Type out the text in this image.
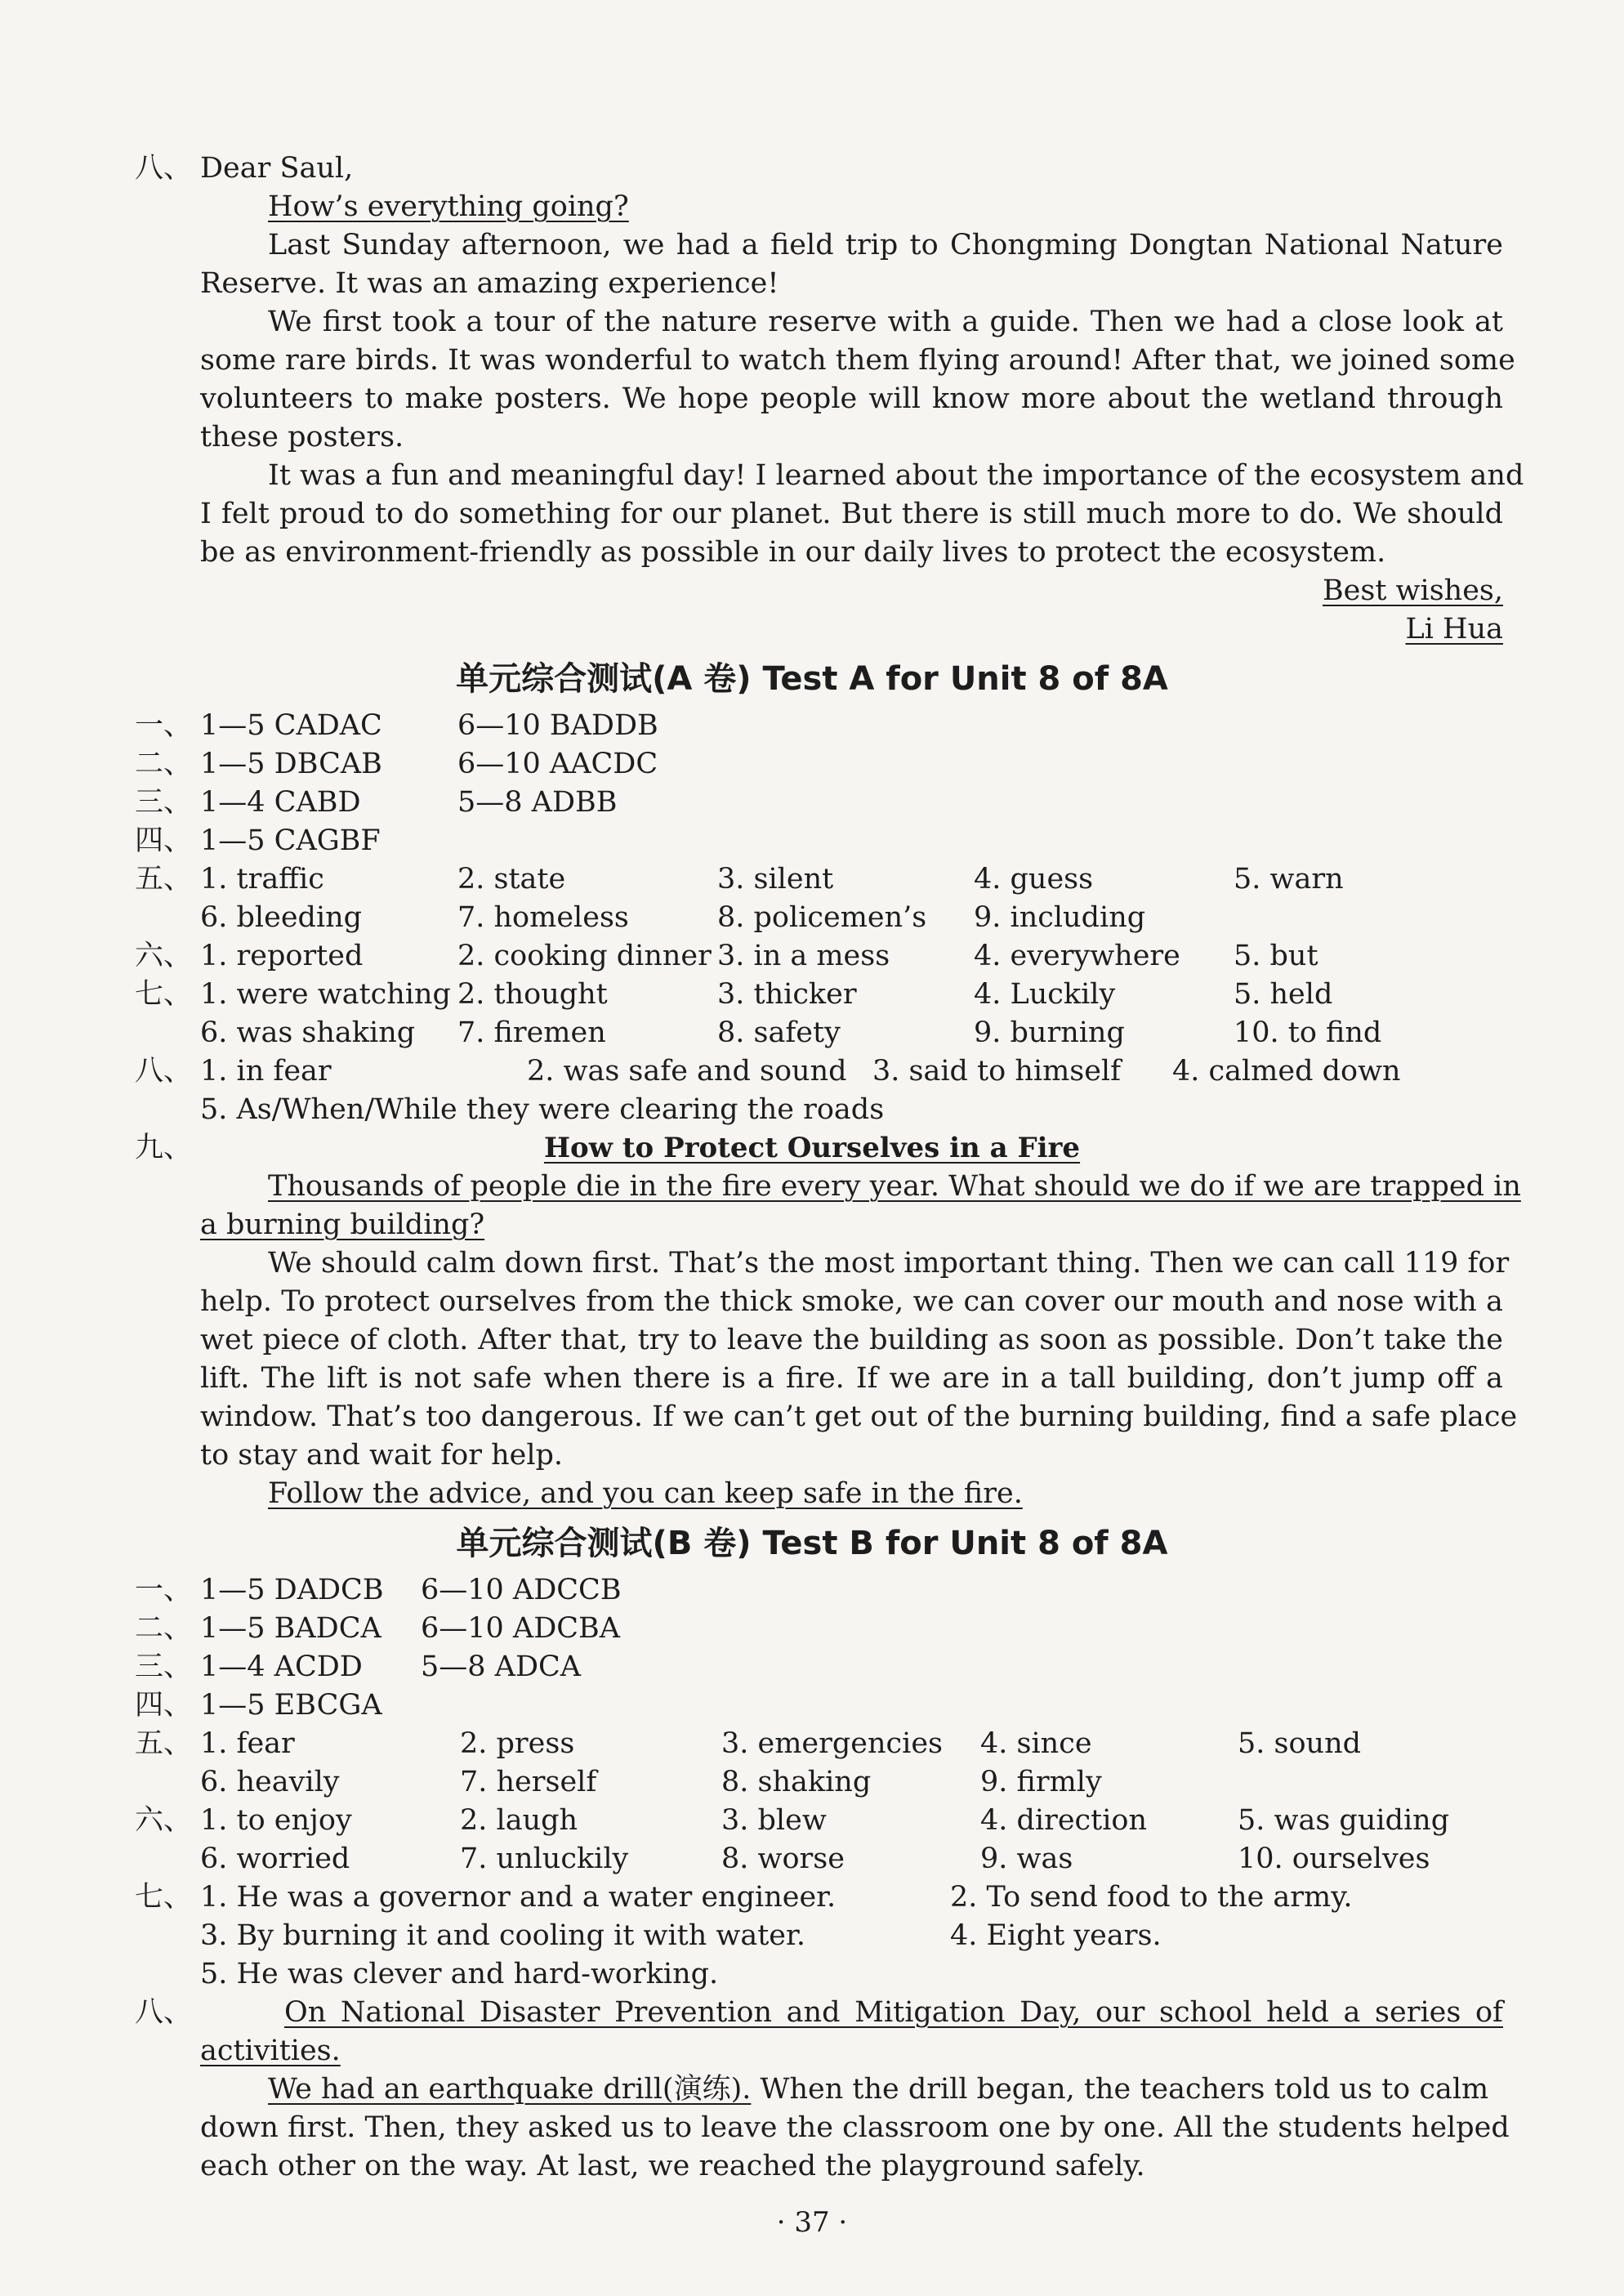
八、 Dear Saul,
How’s everything going?
Last Sunday afternoon, we had a field trip to Chongming Dongtan National Nature
Reserve. It was an amazing experience!
We first took a tour of the nature reserve with a guide. Then we had a close look at
some rare birds. It was wonderful to watch them flying around! After that, we joined some
volunteers to make posters. We hope people will know more about the wetland through
these posters.
It was a fun and meaningful day! I learned about the importance of the ecosystem and
I felt proud to do something for our planet. But there is still much more to do. We should
be as environment-friendly as possible in our daily lives to protect the ecosystem.
Best wishes,
Li Hua
单元综合测试(A 卷) Test A for Unit 8 of 8A
一、 1—5 CADAC	6—10 BADDB
二、 1—5 DBCAB	6—10 AACDC
三、 1—4 CABD	5—8 ADBB
四、 1—5 CAGBF
五、 1. traffic	2. state	3. silent	4. guess	5. warn
6. bleeding	7. homeless	8. policemen’s 9. including
六、 1. reported	2. cooking dinner 3. in a mess	4. everywhere 5. but
七、 1. were watching 2. thought	3. thicker	4. Luckily	5. held
6. was shaking 7. firemen	8. safety	9. burning	10. to find
八、 1. in fear	2. was safe and sound 3. said to himself 4. calmed down
5. As/When/While they were clearing the roads
九、	How to Protect Ourselves in a Fire
Thousands of people die in the fire every year. What should we do if we are trapped in
a burning building?
We should calm down first. That’s the most important thing. Then we can call 119 for
help. To protect ourselves from the thick smoke, we can cover our mouth and nose with a
wet piece of cloth. After that, try to leave the building as soon as possible. Don’t take the
lift. The lift is not safe when there is a fire. If we are in a tall building, don’t jump off a
window. That’s too dangerous. If we can’t get out of the burning building, find a safe place
to stay and wait for help.
Follow the advice, and you can keep safe in the fire.
单元综合测试(B 卷) Test B for Unit 8 of 8A
一、 1—5 DADCB 6—10 ADCCB
二、 1—5 BADCA 6—10 ADCBA
三、 1—4 ACDD 5—8 ADCA
四、 1—5 EBCGA
五、 1. fear	2. press	3. emergencies 4. since	5. sound
6. heavily	7. herself	8. shaking	9. firmly
六、 1. to enjoy	2. laugh	3. blew	4. direction	5. was guiding
6. worried	7. unluckily	8. worse	9. was	10. ourselves
七、 1. He was a governor and a water engineer.	2. To send food to the army.
3. By burning it and cooling it with water.	4. Eight years.
5. He was clever and hard-working.
八、	On National Disaster Prevention and Mitigation Day, our school held a series of
activities.
We had an earthquake drill(演练). When the drill began, the teachers told us to calm
down first. Then, they asked us to leave the classroom one by one. All the students helped
each other on the way. At last, we reached the playground safely.
· 37 ·
